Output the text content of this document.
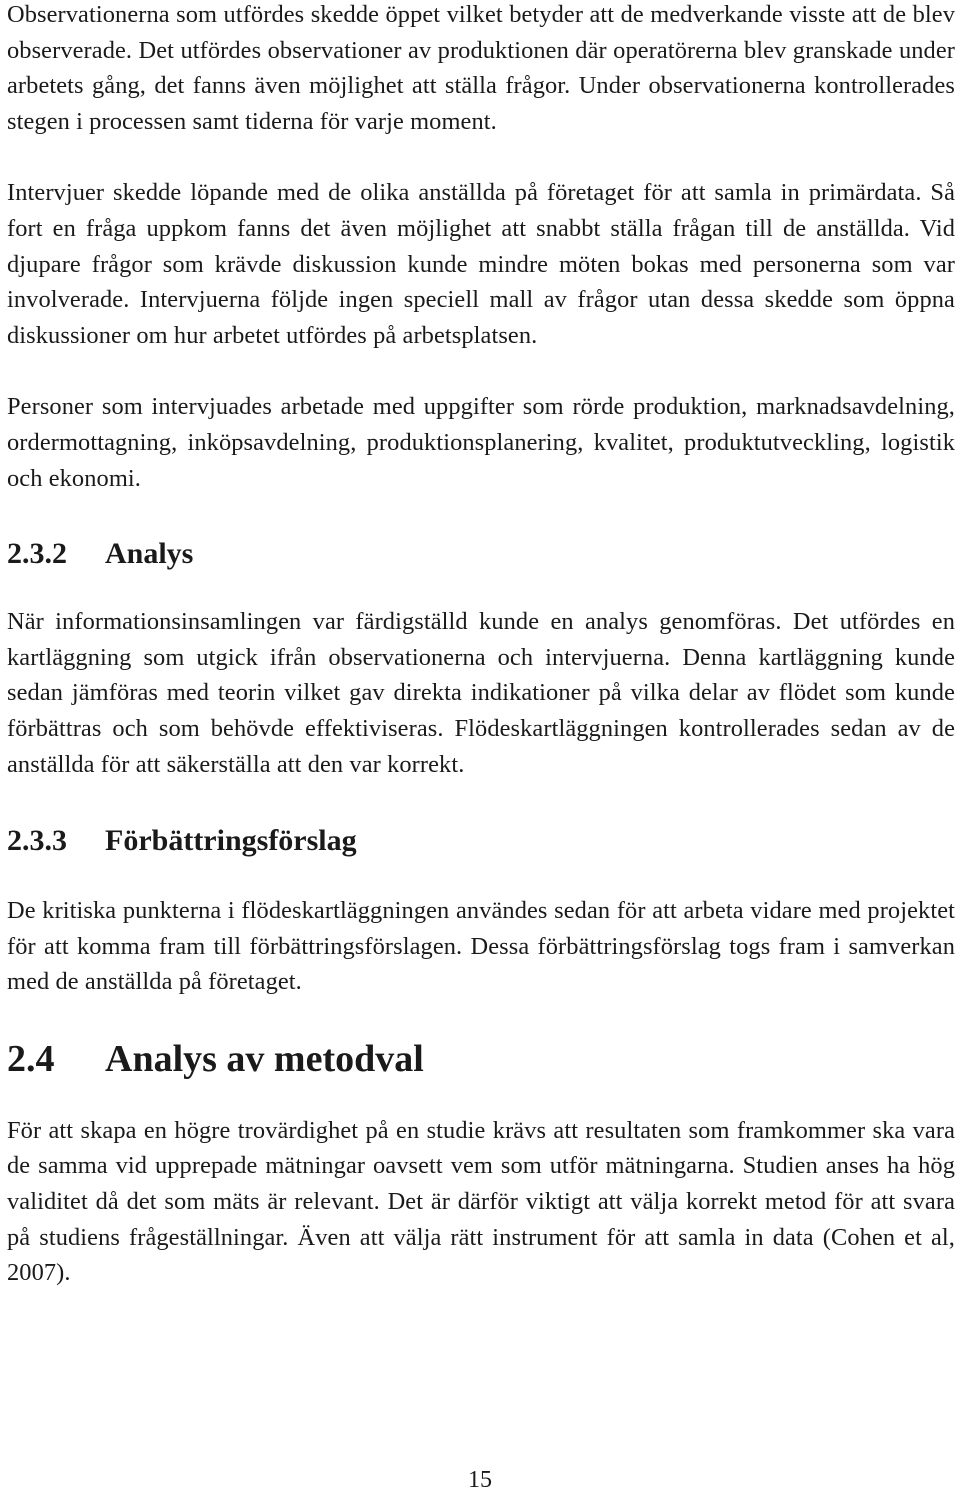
Observationerna som utfördes skedde öppet vilket betyder att de medverkande visste att de blev observerade. Det utfördes observationer av produktionen där operatörerna blev granskade under arbetets gång, det fanns även möjlighet att ställa frågor. Under observationerna kontrollerades stegen i processen samt tiderna för varje moment.

Intervjuer skedde löpande med de olika anställda på företaget för att samla in primärdata. Så fort en fråga uppkom fanns det även möjlighet att snabbt ställa frågan till de anställda. Vid djupare frågor som krävde diskussion kunde mindre möten bokas med personerna som var involverade. Intervjuerna följde ingen speciell mall av frågor utan dessa skedde som öppna diskussioner om hur arbetet utfördes på arbetsplatsen.

Personer som intervjuades arbetade med uppgifter som rörde produktion, marknadsavdelning, ordermottagning, inköpsavdelning, produktionsplanering, kvalitet, produktutveckling, logistik och ekonomi.

2.3.2	Analys

När informationsinsamlingen var färdigställd kunde en analys genomföras. Det utfördes en kartläggning som utgick ifrån observationerna och intervjuerna. Denna kartläggning kunde sedan jämföras med teorin vilket gav direkta indikationer på vilka delar av flödet som kunde förbättras och som behövde effektiviseras. Flödeskartläggningen kontrollerades sedan av de anställda för att säkerställa att den var korrekt.

2.3.3	Förbättringsförslag

De kritiska punkterna i flödeskartläggningen användes sedan för att arbeta vidare med projektet för att komma fram till förbättringsförslagen. Dessa förbättringsförslag togs fram i samverkan med de anställda på företaget.

2.4	Analys av metodval

För att skapa en högre trovärdighet på en studie krävs att resultaten som framkommer ska vara de samma vid upprepade mätningar oavsett vem som utför mätningarna. Studien anses ha hög validitet då det som mäts är relevant. Det är därför viktigt att välja korrekt metod för att svara på studiens frågeställningar. Även att välja rätt instrument för att samla in data (Cohen et al, 2007).

15
